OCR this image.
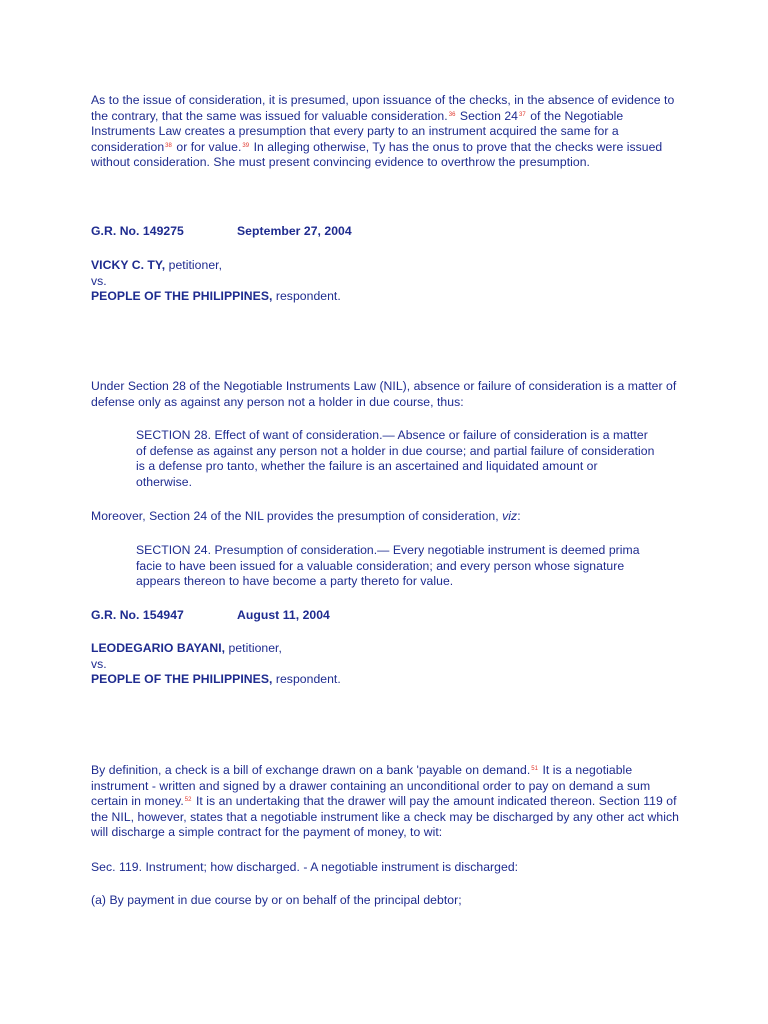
As to the issue of consideration, it is presumed, upon issuance of the checks, in the absence of evidence to the contrary, that the same was issued for valuable consideration.$^{36}$ Section 24$^{37}$ of the Negotiable Instruments Law creates a presumption that every party to an instrument acquired the same for a consideration$^{38}$ or for value.$^{39}$ In alleging otherwise, Ty has the onus to prove that the checks were issued without consideration. She must present convincing evidence to overthrow the presumption.

G.R. No. 149275	September 27, 2004

VICKY C. TY, petitioner,
vs.
PEOPLE OF THE PHILIPPINES, respondent.

Under Section 28 of the Negotiable Instruments Law (NIL), absence or failure of consideration is a matter of defense only as against any person not a holder in due course, thus:

SECTION 28. Effect of want of consideration.— Absence or failure of consideration is a matter of defense as against any person not a holder in due course; and partial failure of consideration is a defense pro tanto, whether the failure is an ascertained and liquidated amount or otherwise.

Moreover, Section 24 of the NIL provides the presumption of consideration, viz:

SECTION 24. Presumption of consideration.— Every negotiable instrument is deemed prima facie to have been issued for a valuable consideration; and every person whose signature appears thereon to have become a party thereto for value.

G.R. No. 154947	August 11, 2004

LEODEGARIO BAYANI, petitioner,
vs.
PEOPLE OF THE PHILIPPINES, respondent.

By definition, a check is a bill of exchange drawn on a bank 'payable on demand.$^{51}$ It is a negotiable instrument - written and signed by a drawer containing an unconditional order to pay on demand a sum certain in money.$^{52}$ It is an undertaking that the drawer will pay the amount indicated thereon. Section 119 of the NIL, however, states that a negotiable instrument like a check may be discharged by any other act which will discharge a simple contract for the payment of money, to wit:

Sec. 119. Instrument; how discharged. - A negotiable instrument is discharged:

(a) By payment in due course by or on behalf of the principal debtor;
